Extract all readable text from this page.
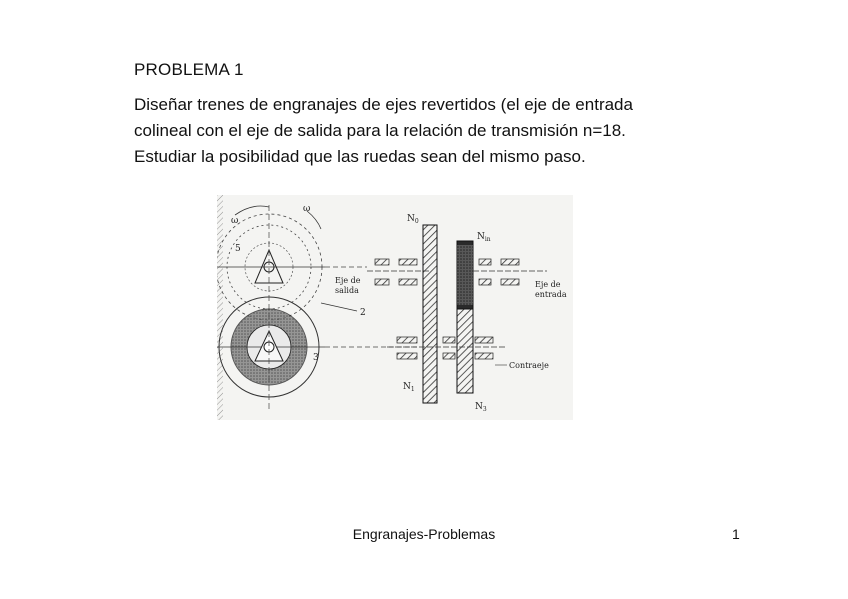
PROBLEMA 1
Diseñar trenes de engranajes de ejes revertidos (el eje de entrada
colineal con el eje de salida para la relación de transmisión n=18.
Estudiar la posibilidad que las ruedas sean del mismo paso.
ω
ω
5
3
2
$N_0$
$N_{in}$
$N_1$
$N_3$
Eje de
salida
Eje de
entrada
Contraeje
Engranajes-Problemas	1
